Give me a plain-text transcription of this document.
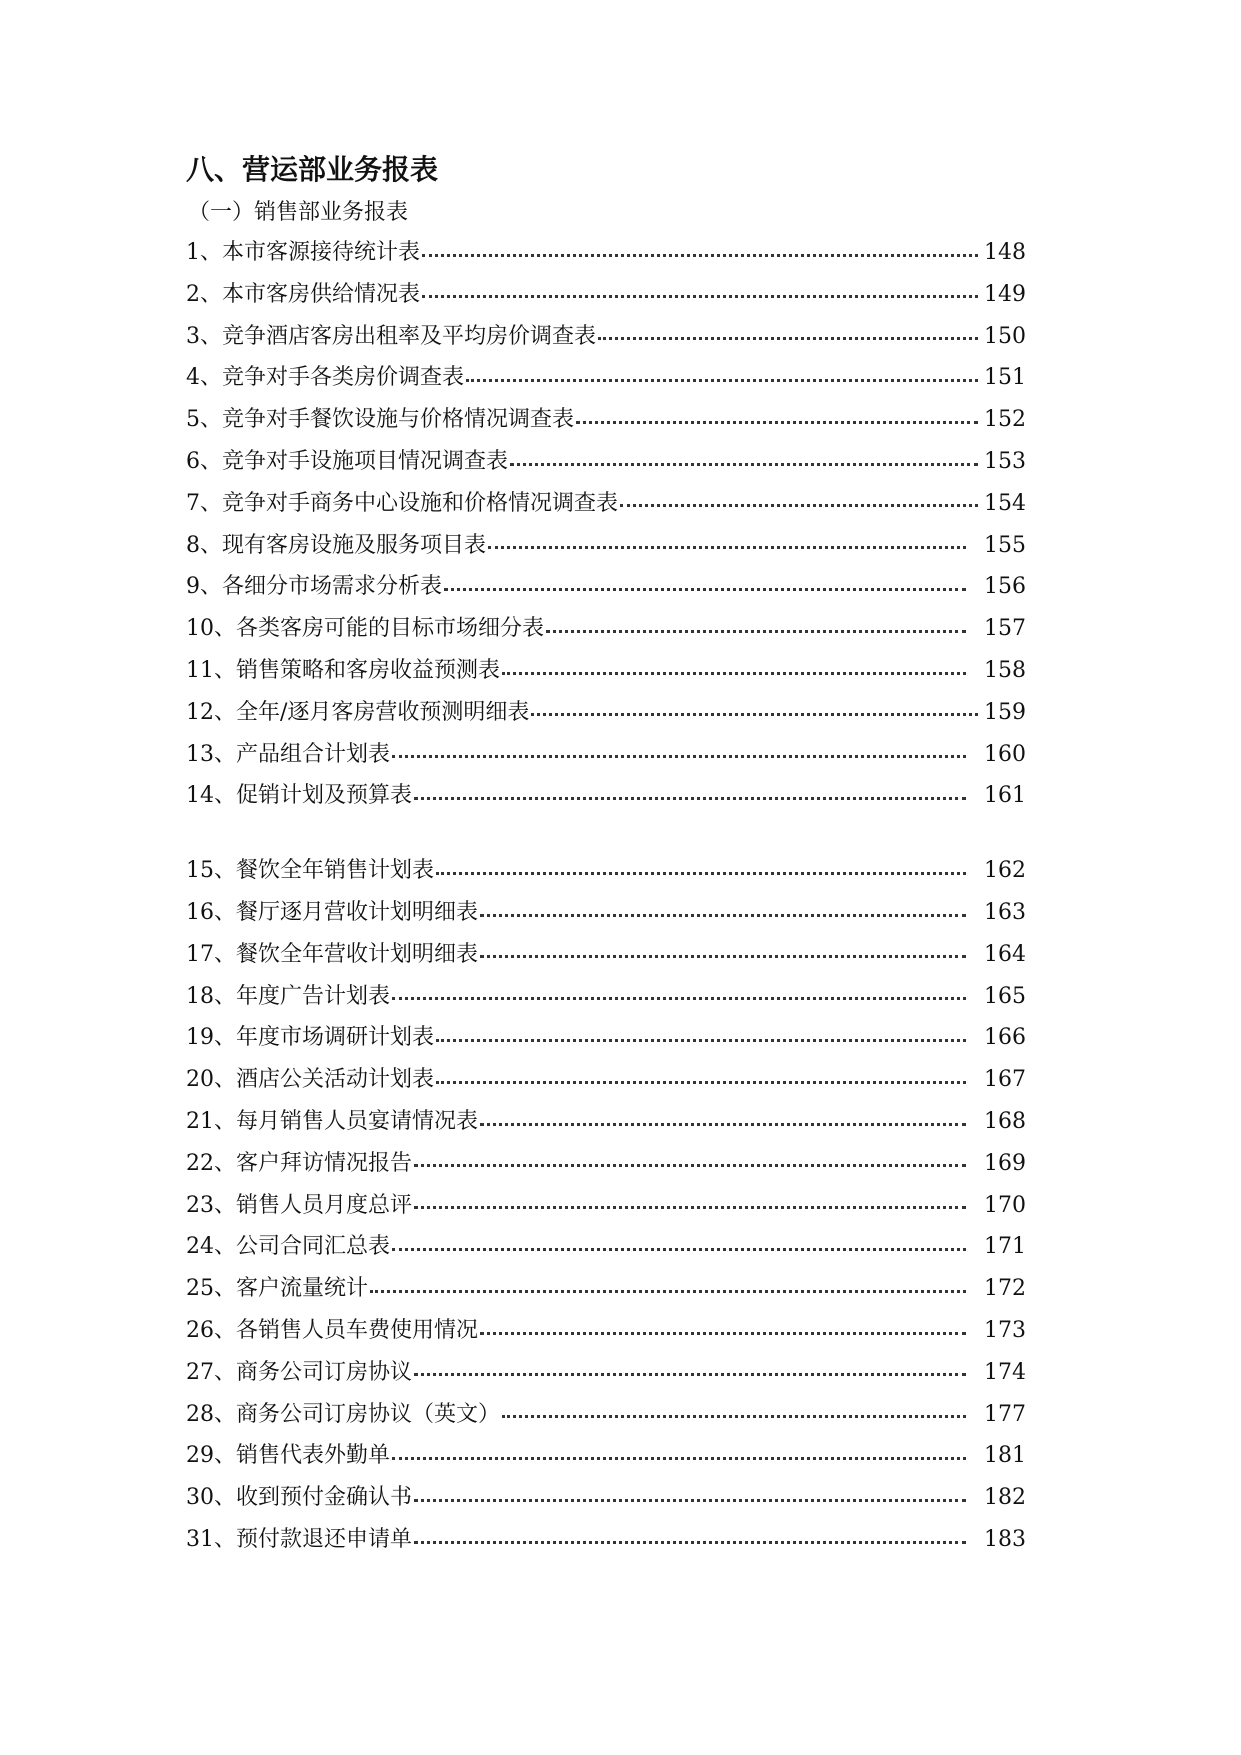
八、营运部业务报表
（一）销售部业务报表
1、本市客源接待统计表	148
2、本市客房供给情况表	149
3、竞争酒店客房出租率及平均房价调查表	150
4、竞争对手各类房价调查表	151
5、竞争对手餐饮设施与价格情况调查表	152
6、竞争对手设施项目情况调查表	153
7、竞争对手商务中心设施和价格情况调查表	154
8、现有客房设施及服务项目表	155
9、各细分市场需求分析表	156
10、各类客房可能的目标市场细分表	157
11、销售策略和客房收益预测表	158
12、全年/逐月客房营收预测明细表	159
13、产品组合计划表	160
14、促销计划及预算表	161
15、餐饮全年销售计划表	162
16、餐厅逐月营收计划明细表	163
17、餐饮全年营收计划明细表	164
18、年度广告计划表	165
19、年度市场调研计划表	166
20、酒店公关活动计划表	167
21、每月销售人员宴请情况表	168
22、客户拜访情况报告	169
23、销售人员月度总评	170
24、公司合同汇总表	171
25、客户流量统计	172
26、各销售人员车费使用情况	173
27、商务公司订房协议	174
28、商务公司订房协议（英文）	177
29、销售代表外勤单	181
30、收到预付金确认书	182
31、预付款退还申请单	183
